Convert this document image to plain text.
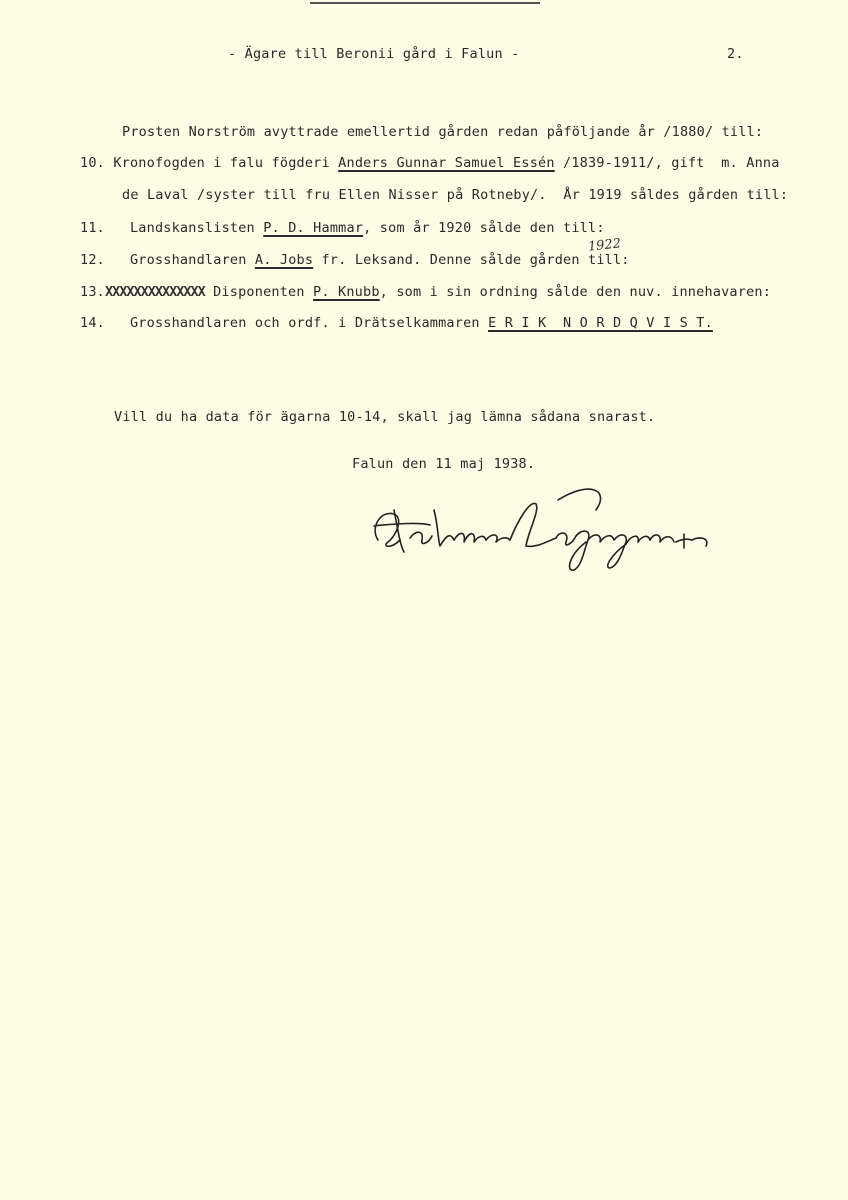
- Ägare till Beronii gård i Falun -	2.
Prosten Norström avyttrade emellertid gården redan påföljande år /1880/ till:
10. Kronofogden i falu fögderi Anders Gunnar Samuel Essén /1839-1911/, gift  m. Anna
de Laval /syster till fru Ellen Nisser på Rotneby/.  År 1919 såldes gården till:
11. Landskanslisten P. D. Hammar, som år 1920 sålde den till:
1922
12. Grosshandlaren A. Jobs fr. Leksand. Denne sålde gården till:
13.XXXXXXXXXXXXXX Disponenten P. Knubb, som i sin ordning sålde den nuv. innehavaren:
14. Grosshandlaren och ordf. i Drätselkammaren E R I K  N O R D Q V I S T.
Vill du ha data för ägarna 10-14, skall jag lämna sådana snarast.
Falun den 11 maj 1938.
